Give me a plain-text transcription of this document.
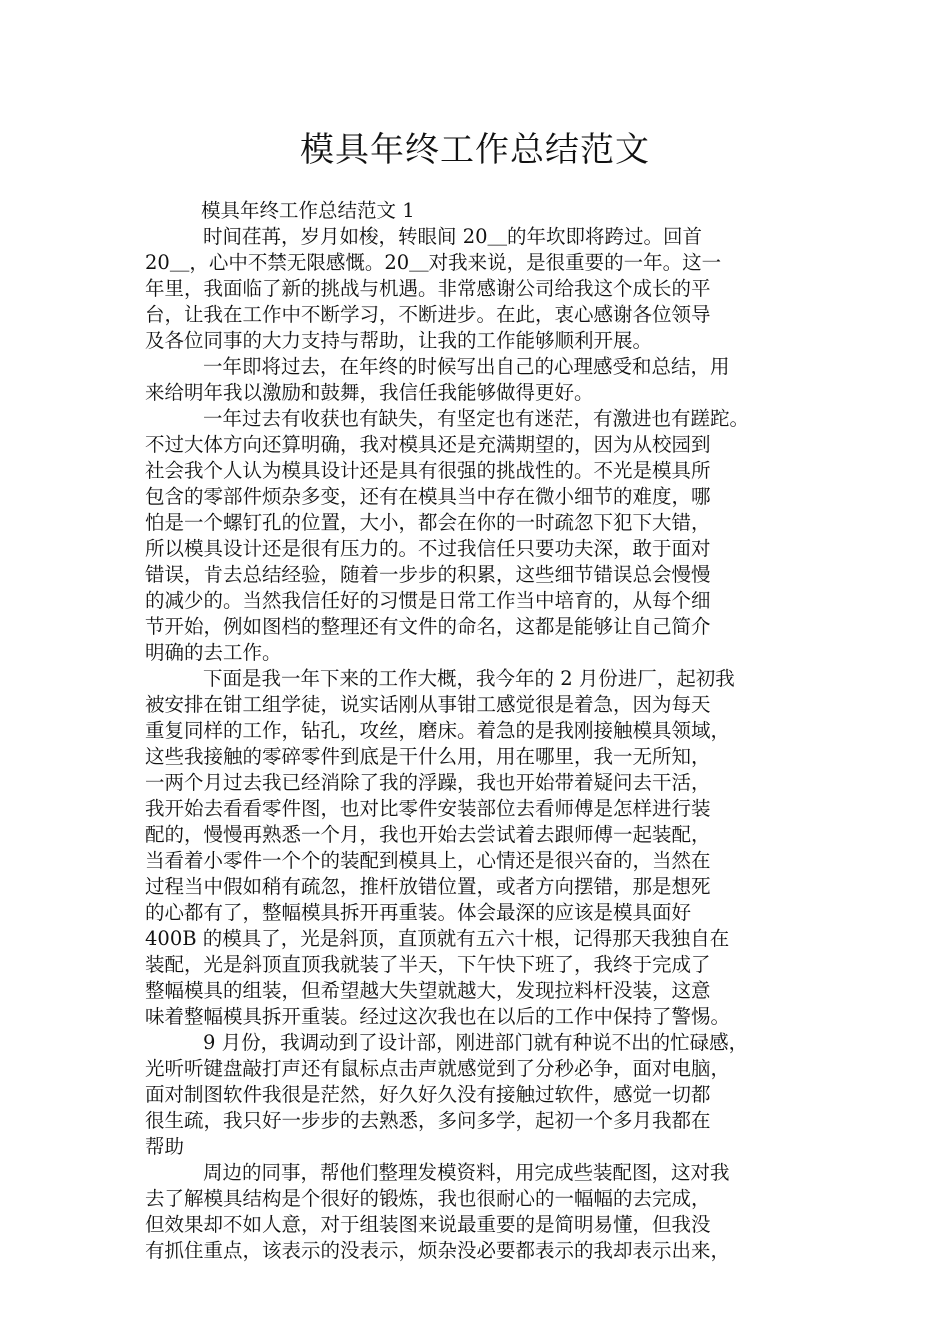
模具年终工作总结范文
模具年终工作总结范文 1
时间荏苒，岁月如梭，转眼间 20＿的年坎即将跨过。回首
20＿，心中不禁无限感慨。20＿对我来说，是很重要的一年。这一
年里，我面临了新的挑战与机遇。非常感谢公司给我这个成长的平
台，让我在工作中不断学习，不断进步。在此，衷心感谢各位领导
及各位同事的大力支持与帮助，让我的工作能够顺利开展。
一年即将过去，在年终的时候写出自己的心理感受和总结，用
来给明年我以激励和鼓舞，我信任我能够做得更好。
一年过去有收获也有缺失，有坚定也有迷茫，有激进也有蹉跎。
不过大体方向还算明确，我对模具还是充满期望的，因为从校园到
社会我个人认为模具设计还是具有很强的挑战性的。不光是模具所
包含的零部件烦杂多变，还有在模具当中存在微小细节的难度，哪
怕是一个螺钉孔的位置，大小，都会在你的一时疏忽下犯下大错，
所以模具设计还是很有压力的。不过我信任只要功夫深，敢于面对
错误，肯去总结经验，随着一步步的积累，这些细节错误总会慢慢
的减少的。当然我信任好的习惯是日常工作当中培育的，从每个细
节开始，例如图档的整理还有文件的命名，这都是能够让自己简介
明确的去工作。
下面是我一年下来的工作大概，我今年的 2 月份进厂，起初我
被安排在钳工组学徒，说实话刚从事钳工感觉很是着急，因为每天
重复同样的工作，钻孔，攻丝，磨床。着急的是我刚接触模具领域，
这些我接触的零碎零件到底是干什么用，用在哪里，我一无所知，
一两个月过去我已经消除了我的浮躁，我也开始带着疑问去干活，
我开始去看看零件图，也对比零件安装部位去看师傅是怎样进行装
配的，慢慢再熟悉一个月，我也开始去尝试着去跟师傅一起装配，
当看着小零件一个个的装配到模具上，心情还是很兴奋的，当然在
过程当中假如稍有疏忽，推杆放错位置，或者方向摆错，那是想死
的心都有了，整幅模具拆开再重装。体会最深的应该是模具面好
400B 的模具了，光是斜顶，直顶就有五六十根，记得那天我独自在
装配，光是斜顶直顶我就装了半天，下午快下班了，我终于完成了
整幅模具的组装，但希望越大失望就越大，发现拉料杆没装，这意
味着整幅模具拆开重装。经过这次我也在以后的工作中保持了警惕。
9 月份，我调动到了设计部，刚进部门就有种说不出的忙碌感，
光听听键盘敲打声还有鼠标点击声就感觉到了分秒必争，面对电脑，
面对制图软件我很是茫然，好久好久没有接触过软件，感觉一切都
很生疏，我只好一步步的去熟悉，多问多学，起初一个多月我都在
帮助
周边的同事，帮他们整理发模资料，用完成些装配图，这对我
去了解模具结构是个很好的锻炼，我也很耐心的一幅幅的去完成，
但效果却不如人意，对于组装图来说最重要的是简明易懂，但我没
有抓住重点，该表示的没表示，烦杂没必要都表示的我却表示出来，
